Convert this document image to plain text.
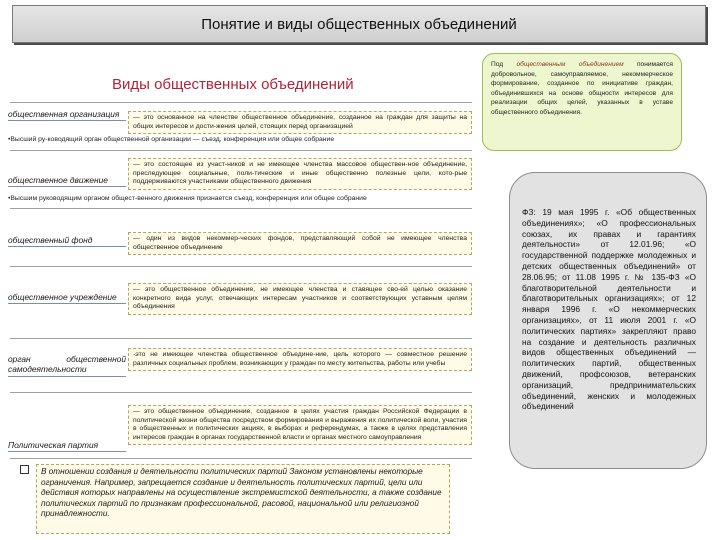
Понятие и виды общественных объединений
Виды общественных объединений
Под общественным объединением понимается добровольное, самоуправляемое, некоммерческое формирование, созданное по инициативе граждан, объединившихся на основе общности интересов для реализации общих целей, указанных в уставе общественного объединения.
ФЗ: 19 мая 1995 г. «Об общественных объединениях»; «О профессиональных союзах, их правах и гарантиях деятельности» от 12.01.96; «О государственной поддержке молодежных и детских общественных объединений» от 28.06.95; от 11.08 1995 г. № 135-ФЗ «О благотворительной деятельности и благотворительных организациях»; от 12 января 1996 г. «О некоммерческих организациях», от 11 июля 2001 г. «О политических партиях» закрепляют право на создание и деятельность различных видов общественных объединений — политических партий, общественных движений, профсоюзов, ветеранских организаций, предпринимательских объединений, женских и молодежных объединений
общественная организация	— это основанное на членстве общественное объединение, созданное на граждан для защиты на общих интересов и дости-жения целей, стоящих перед организацией
•Высший ру-ководящий орган общественной организации — съезд, конференция или общее собрание
— это состоящее из участ-ников и не имеющее членства массовое обществен-ное объединение, преследующее социальные, поли-тические и иные общественно полезные цели, кото-рые поддерживаются участниками общественного движения
общественное движение
•Высшим руководящим органом общест-венного движения признается съезд, конференция или общее собрание
общественный фонд	— один из видов некоммер-ческих фондов, представляющий собой не имеющее членства общественное объединение
общественное учреждение
— это общественное объединение, не имеющее членства и ставящее сво-ей целью оказание конкретного вида услуг, отвечающих интересам участников и соответствующих уставным целям объединения
орган общественной самодеятельности
-это не имеющее членства общественное объедине-ние, цель которого — совместное решение различных социальных проблем, возникающих у граждан по месту жительства, работы или учебы
— это общественное объединение, созданное в целях участия граждан Российской Федерации в политической жизни общества посредством формирования и выражения их политической воли, участия в общественных и политических акциях, в выборах и референдумах, а также в целях представления интересов граждан в органах государственной власти и органах местного самоуправления
Политическая партия
В отношении создания и деятельности политических партий Законом установлены некоторые ограничения. Например, запрещается создание и деятельность политических партий, цели или действия которых направлены на осуществление экстремистской деятельности, а также создание политических партий по признакам профессиональной, расовой, национальной или религиозной принадлежности.
